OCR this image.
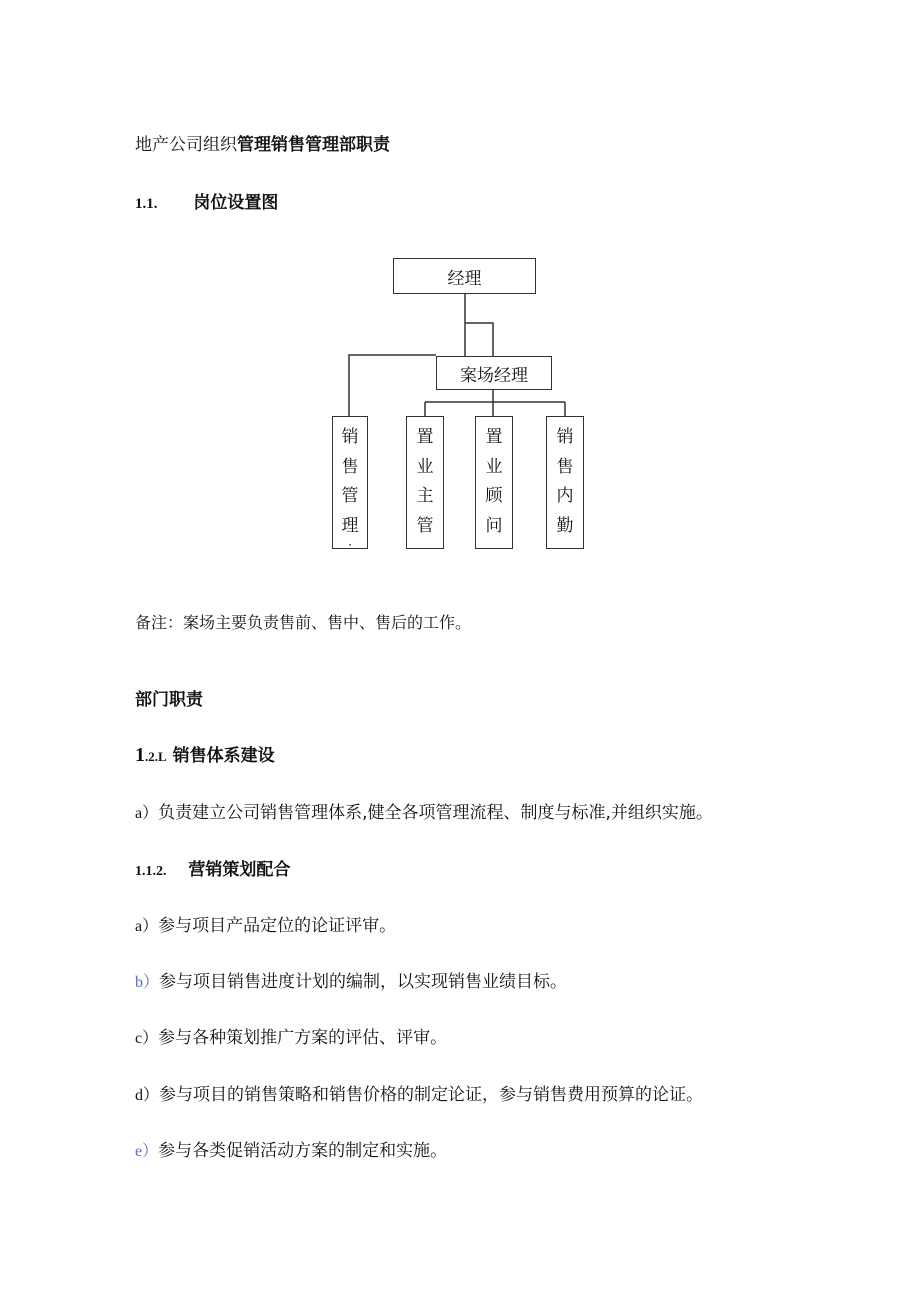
地产公司组织管理销售管理部职责
1.1. 岗位设置图
经理
案场经理
销
售
管
理
·
置
业
主
管
置
业
顾
问
销
售
内
勤
备注：案场主要负责售前、售中、售后的工作。
部门职责
1.2.L 销售体系建设
a）负责建立公司销售管理体系,健全各项管理流程、制度与标准,并组织实施。
1.1.2. 营销策划配合
a）参与项目产品定位的论证评审。
b）参与项目销售进度计划的编制，以实现销售业绩目标。
c）参与各种策划推广方案的评估、评审。
d）参与项目的销售策略和销售价格的制定论证，参与销售费用预算的论证。
e）参与各类促销活动方案的制定和实施。
